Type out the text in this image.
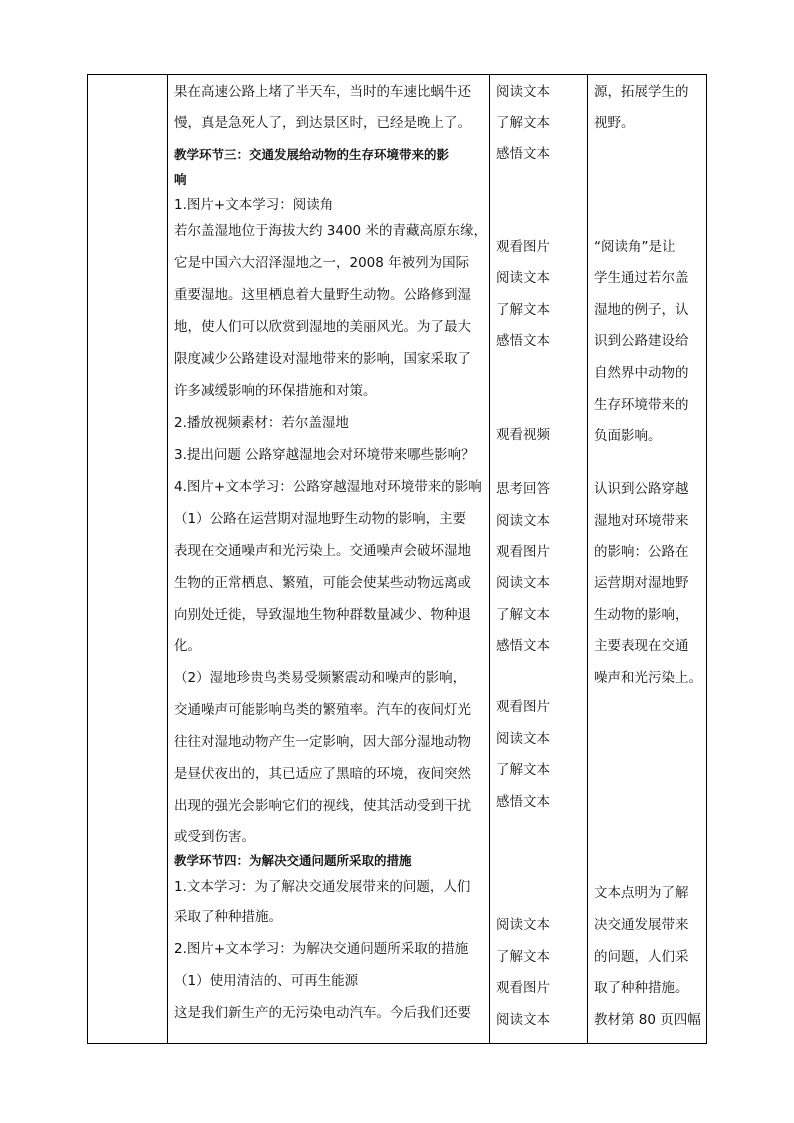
果在高速公路上堵了半天车，当时的车速比蜗牛还
慢，真是急死人了，到达景区时，已经是晚上了。
教学环节三：交通发展给动物的生存环境带来的影
响
1.图片+文本学习：阅读角
若尔盖湿地位于海拔大约 3400 米的青藏高原东缘，
它是中国六大沼泽湿地之一，2008 年被列为国际
重要湿地。这里栖息着大量野生动物。公路修到湿
地，使人们可以欣赏到湿地的美丽风光。为了最大
限度减少公路建设对湿地带来的影响，国家采取了
许多减缓影响的环保措施和对策。
2.播放视频素材：若尔盖湿地
3.提出问题 公路穿越湿地会对环境带来哪些影响？
4.图片+文本学习：公路穿越湿地对环境带来的影响
（1）公路在运营期对湿地野生动物的影响，主要
表现在交通噪声和光污染上。交通噪声会破坏湿地
生物的正常栖息、繁殖，可能会使某些动物远离或
向别处迁徙，导致湿地生物种群数量减少、物种退
化。
（2）湿地珍贵鸟类易受频繁震动和噪声的影响，
交通噪声可能影响鸟类的繁殖率。汽车的夜间灯光
往往对湿地动物产生一定影响，因大部分湿地动物
是昼伏夜出的，其已适应了黑暗的环境，夜间突然
出现的强光会影响它们的视线，使其活动受到干扰
或受到伤害。
教学环节四：为解决交通问题所采取的措施
1.文本学习：为了解决交通发展带来的问题，人们
采取了种种措施。
2.图片+文本学习：为解决交通问题所采取的措施
（1）使用清洁的、可再生能源
这是我们新生产的无污染电动汽车。今后我们还要
阅读文本
了解文本
感悟文本
观看图片
阅读文本
了解文本
感悟文本
观看视频
思考回答
阅读文本
观看图片
阅读文本
了解文本
感悟文本
观看图片
阅读文本
了解文本
感悟文本
阅读文本
了解文本
观看图片
阅读文本
源，拓展学生的
视野。
“阅读角”是让
学生通过若尔盖
湿地的例子，认
识到公路建设给
自然界中动物的
生存环境带来的
负面影响。
认识到公路穿越
湿地对环境带来
的影响：公路在
运营期对湿地野
生动物的影响，
主要表现在交通
噪声和光污染上。
文本点明为了解
决交通发展带来
的问题，人们采
取了种种措施。
教材第 80 页四幅
